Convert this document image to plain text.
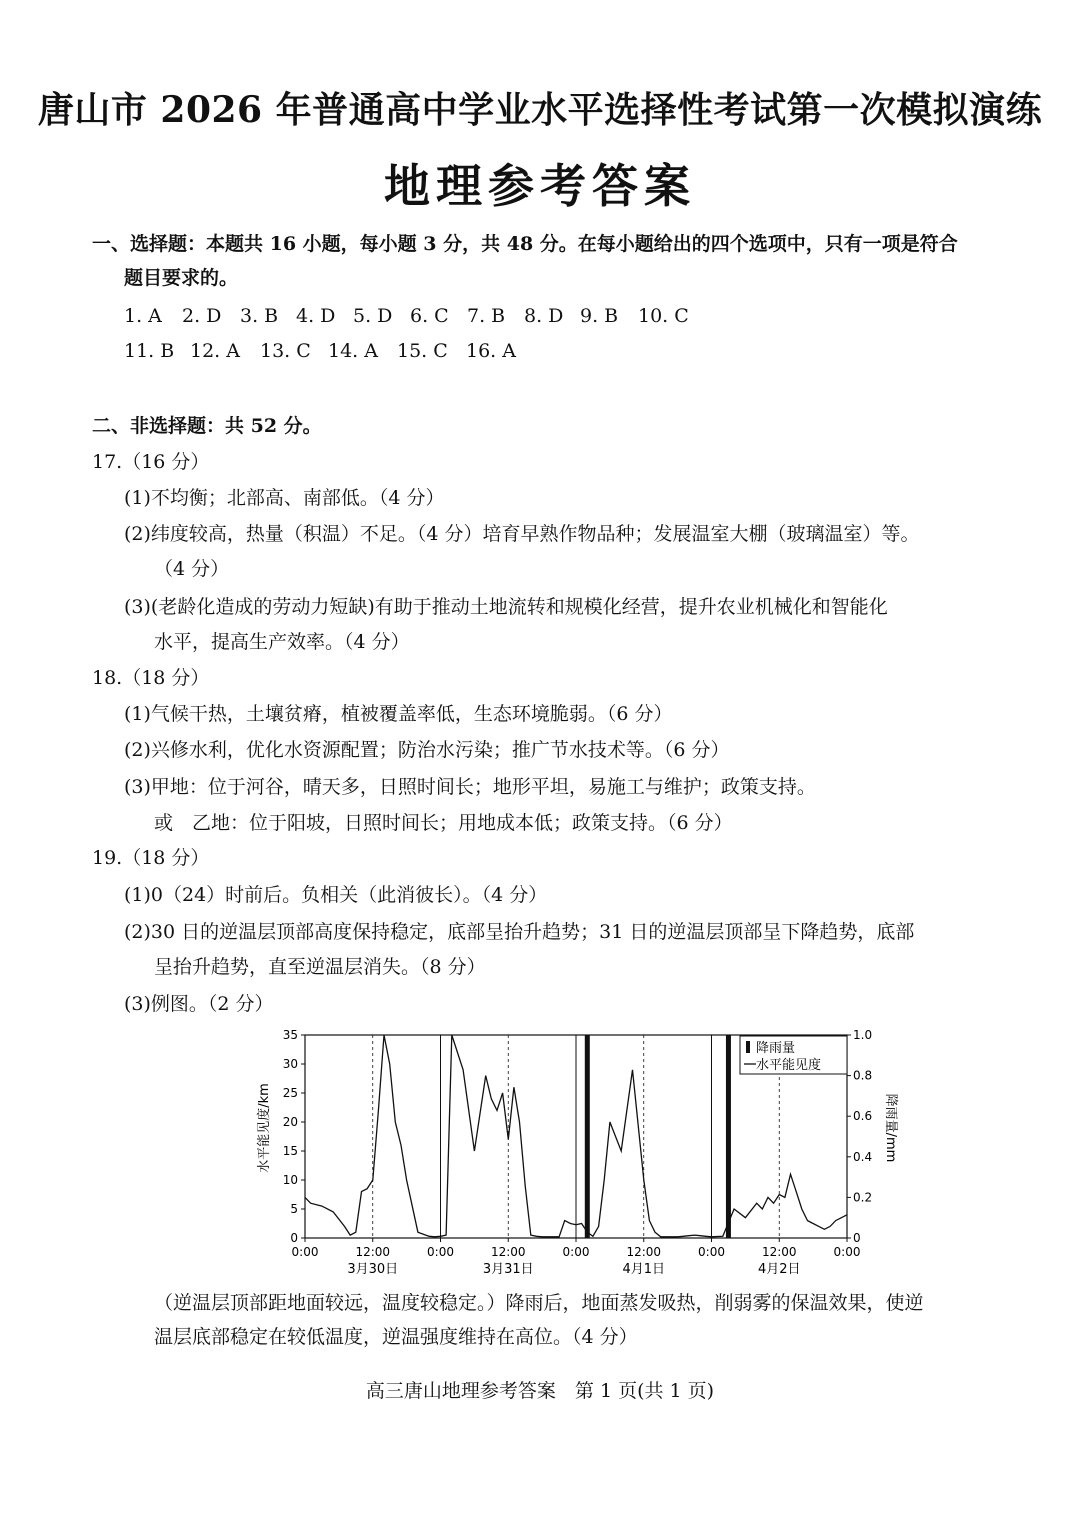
唐山市 2026 年普通高中学业水平选择性考试第一次模拟演练
地理参考答案
一、选择题：本题共 16 小题，每小题 3 分，共 48 分。在每小题给出的四个选项中，只有一项是符合
题目要求的。
1. A 2. D 3. B 4. D 5. D 6. C 7. B 8. D 9. B 10. C
11. B 12. A 13. C 14. A 15. C 16. A
二、非选择题：共 52 分。
17.（16 分）
(1)不均衡；北部高、南部低。（4 分）
(2)纬度较高，热量（积温）不足。（4 分）培育早熟作物品种；发展温室大棚（玻璃温室）等。
（4 分）
(3)(老龄化造成的劳动力短缺)有助于推动土地流转和规模化经营，提升农业机械化和智能化
水平，提高生产效率。（4 分）
18.（18 分）
(1)气候干热，土壤贫瘠，植被覆盖率低，生态环境脆弱。（6 分）
(2)兴修水利，优化水资源配置；防治水污染；推广节水技术等。（6 分）
(3)甲地：位于河谷，晴天多，日照时间长；地形平坦，易施工与维护；政策支持。
或　乙地：位于阳坡，日照时间长；用地成本低；政策支持。（6 分）
19.（18 分）
(1)0（24）时前后。负相关（此消彼长）。（4 分）
(2)30 日的逆温层顶部高度保持稳定，底部呈抬升趋势；31 日的逆温层顶部呈下降趋势，底部
呈抬升趋势，直至逆温层消失。（8 分）
(3)例图。（2 分）
水平能见度/km	降雨量/mm
0
5
10
15
20
25
30
35
0
0.2
0.4
0.6
0.8
1.0
0:00	12:00	0:00	12:00	0:00	12:00	0:00	12:00	0:00
3月30日	3月31日	4月1日	4月2日
降雨量
水平能见度
（逆温层顶部距地面较远，温度较稳定。）降雨后，地面蒸发吸热，削弱雾的保温效果，使逆
温层底部稳定在较低温度，逆温强度维持在高位。（4 分）
高三唐山地理参考答案　第 1 页(共 1 页)
